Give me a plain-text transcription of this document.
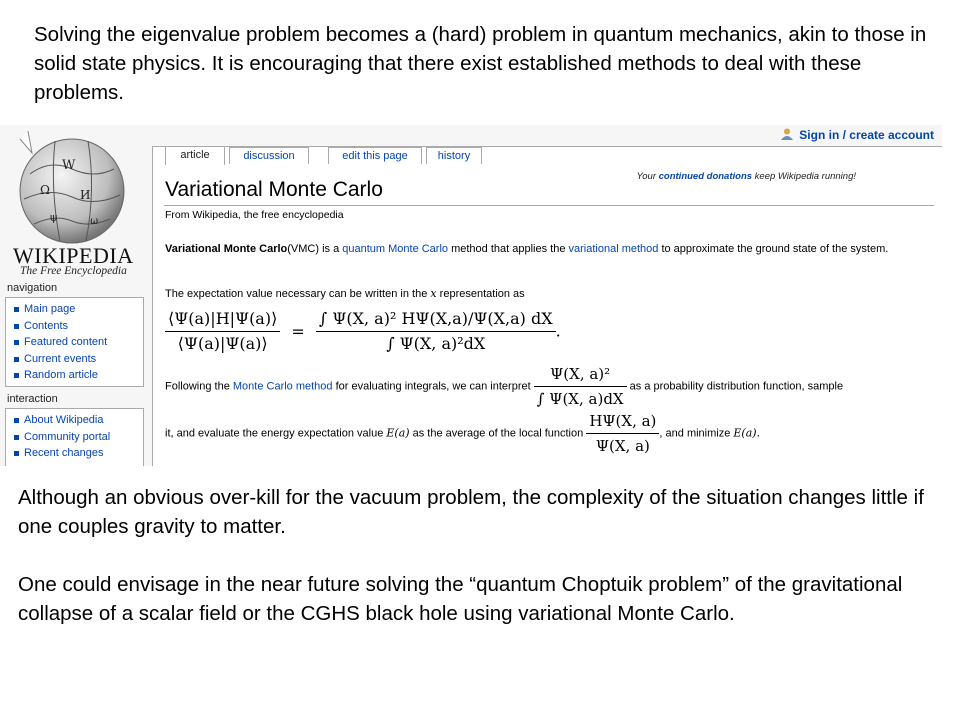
Solving the eigenvalue problem becomes a (hard) problem in quantum mechanics, akin to those in solid state physics. It is encouraging that there exist established methods to deal with these problems.

W
Ω	И
ψ	ω
WIKIPEDIA
The Free Encyclopedia
navigation
Main page
Contents
Featured content
Current events
Random article
interaction
About Wikipedia
Community portal
Recent changes
Sign in / create account
article	discussion	edit this page	history
Your continued donations keep Wikipedia running!
Variational Monte Carlo
From Wikipedia, the free encyclopedia
Variational Monte Carlo(VMC) is a quantum Monte Carlo method that applies the variational method to approximate the ground state of the system.
The expectation value necessary can be written in the x representation as
$\frac{⟨\Psi(a)|H|\Psi(a)⟩}{⟨\Psi(a)|\Psi(a)⟩} = \frac{\text{∫ Ψ(X, a)² HΨ(X,a)/Ψ(X,a) dX}}{\text{∫ Ψ(X, a)²dX}}$ .
Following the Monte Carlo method for evaluating integrals, we can interpret $\frac{\text{Ψ(X, a)²}}{\int \Psi(X, a)dX}$ as a probability distribution function, sample
it, and evaluate the energy expectation value E(a) as the average of the local function $\frac{H\Psi(X, a)}{\Psi(X, a)}$ , and minimize E(a).

Although an obvious over-kill for the vacuum problem, the complexity of the situation changes little if one couples gravity to matter.

One could envisage in the near future solving the “quantum Choptuik problem” of the gravitational collapse of a scalar field or the CGHS black hole using variational Monte Carlo.
